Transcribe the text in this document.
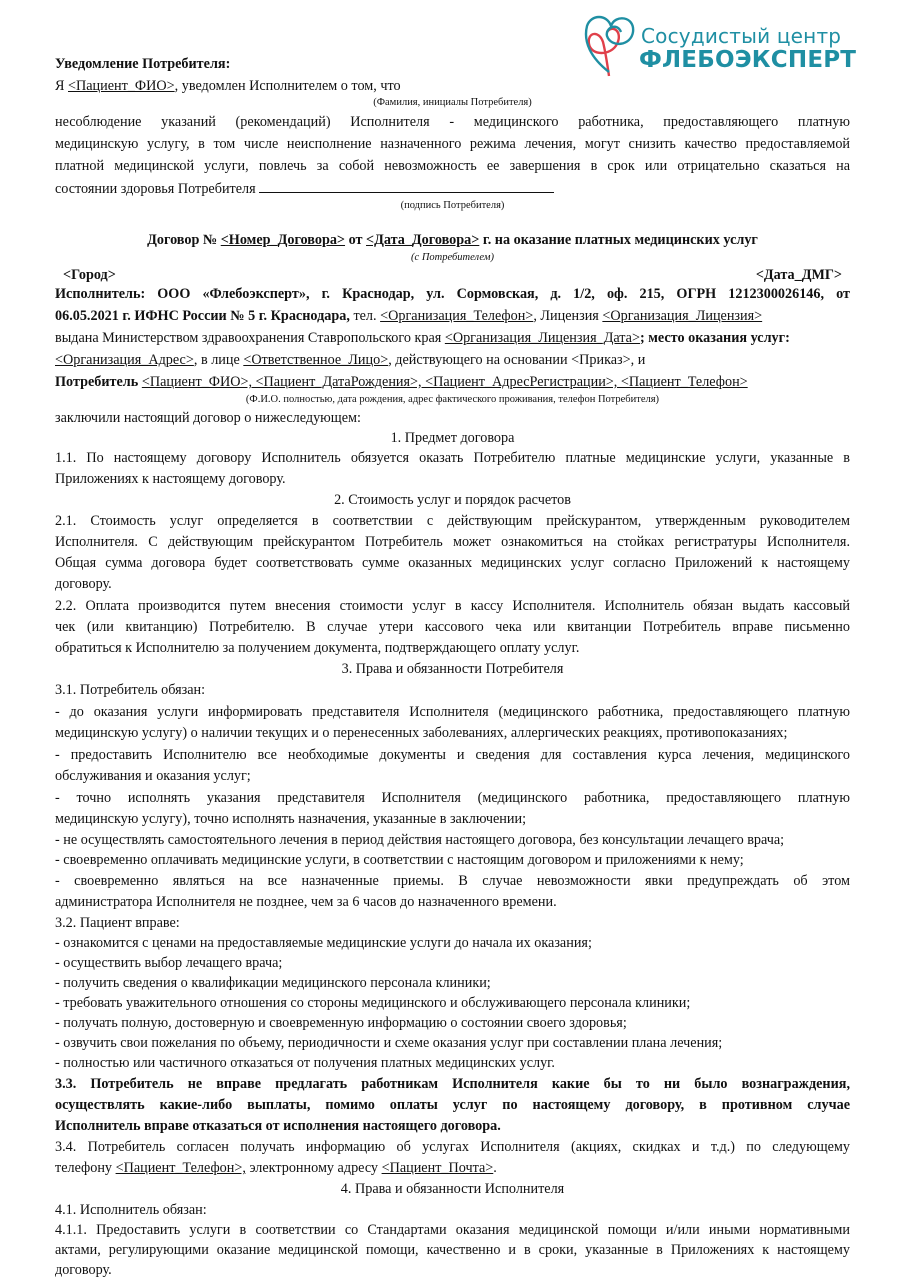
Сосудистый центр
ФЛЕБОЭКСПЕРТ
Уведомление Потребителя:
Я <Пациент_ФИО>, уведомлен Исполнителем о том, что
(Фамилия, инициалы Потребителя)
несоблюдение указаний (рекомендаций) Исполнителя - медицинского работника, предоставляющего платную
медицинскую услугу, в том числе неисполнение назначенного режима лечения, могут снизить качество предоставляемой
платной медицинской услуги, повлечь за собой невозможность ее завершения в срок или отрицательно сказаться на
состоянии здоровья Потребителя
(подпись Потребителя)
Договор № <Номер_Договора> от <Дата_Договора> г. на оказание платных медицинских услуг
(с Потребителем)
<Город>	<Дата_ДМГ>
Исполнитель: ООО «Флебоэксперт», г. Краснодар, ул. Сормовская, д. 1/2, оф. 215, ОГРН 1212300026146, от
06.05.2021 г. ИФНС России № 5 г. Краснодара, тел. <Организация_Телефон>, Лицензия <Организация_Лицензия>
выдана Министерством здравоохранения Ставропольского края <Организация_Лицензия_Дата>; место оказания услуг:
<Организация_Адрес>, в лице <Ответственное_Лицо>, действующего на основании <Приказ>, и
Потребитель <Пациент_ФИО>, <Пациент_ДатаРождения>, <Пациент_АдресРегистрации>, <Пациент_Телефон>
(Ф.И.О. полностью, дата рождения, адрес фактического проживания, телефон Потребителя)
заключили настоящий договор о нижеследующем:
1. Предмет договора
1.1. По настоящему договору Исполнитель обязуется оказать Потребителю платные медицинские услуги, указанные в
Приложениях к настоящему договору.
2. Стоимость услуг и порядок расчетов
2.1. Стоимость услуг определяется в соответствии с действующим прейскурантом, утвержденным руководителем
Исполнителя. С действующим прейскурантом Потребитель может ознакомиться на стойках регистратуры Исполнителя.
Общая сумма договора будет соответствовать сумме оказанных медицинских услуг согласно Приложений к настоящему
договору.
2.2. Оплата производится путем внесения стоимости услуг в кассу Исполнителя. Исполнитель обязан выдать кассовый
чек (или квитанцию) Потребителю. В случае утери кассового чека или квитанции Потребитель вправе письменно
обратиться к Исполнителю за получением документа, подтверждающего оплату услуг.
3. Права и обязанности Потребителя
3.1. Потребитель обязан:
- до оказания услуги информировать представителя Исполнителя (медицинского работника, предоставляющего платную
медицинскую услугу) о наличии текущих и о перенесенных заболеваниях, аллергических реакциях, противопоказаниях;
- предоставить Исполнителю все необходимые документы и сведения для составления курса лечения, медицинского
обслуживания и оказания услуг;
- точно исполнять указания представителя Исполнителя (медицинского работника, предоставляющего платную
медицинскую услугу), точно исполнять назначения, указанные в заключении;
- не осуществлять самостоятельного лечения в период действия настоящего договора, без консультации лечащего врача;
- своевременно оплачивать медицинские услуги, в соответствии с настоящим договором и приложениями к нему;
- своевременно являться на все назначенные приемы. В случае невозможности явки предупреждать об этом
администратора Исполнителя не позднее, чем за 6 часов до назначенного времени.
3.2. Пациент вправе:
- ознакомится с ценами на предоставляемые медицинские услуги до начала их оказания;
- осуществить выбор лечащего врача;
- получить сведения о квалификации медицинского персонала клиники;
- требовать уважительного отношения со стороны медицинского и обслуживающего персонала клиники;
- получать полную, достоверную и своевременную информацию о состоянии своего здоровья;
- озвучить свои пожелания по объему, периодичности и схеме оказания услуг при составлении плана лечения;
- полностью или частичного отказаться от получения платных медицинских услуг.
3.3. Потребитель не вправе предлагать работникам Исполнителя какие бы то ни было вознаграждения,
осуществлять какие-либо выплаты, помимо оплаты услуг по настоящему договору, в противном случае
Исполнитель вправе отказаться от исполнения настоящего договора.
3.4. Потребитель согласен получать информацию об услугах Исполнителя (акциях, скидках и т.д.) по следующему
телефону <Пациент_Телефон>, электронному адресу <Пациент_Почта>.
4. Права и обязанности Исполнителя
4.1. Исполнитель обязан:
4.1.1. Предоставить услуги в соответствии со Стандартами оказания медицинской помощи и/или иными нормативными
актами, регулирующими оказание медицинской помощи, качественно и в сроки, указанные в Приложениях к настоящему
договору.
